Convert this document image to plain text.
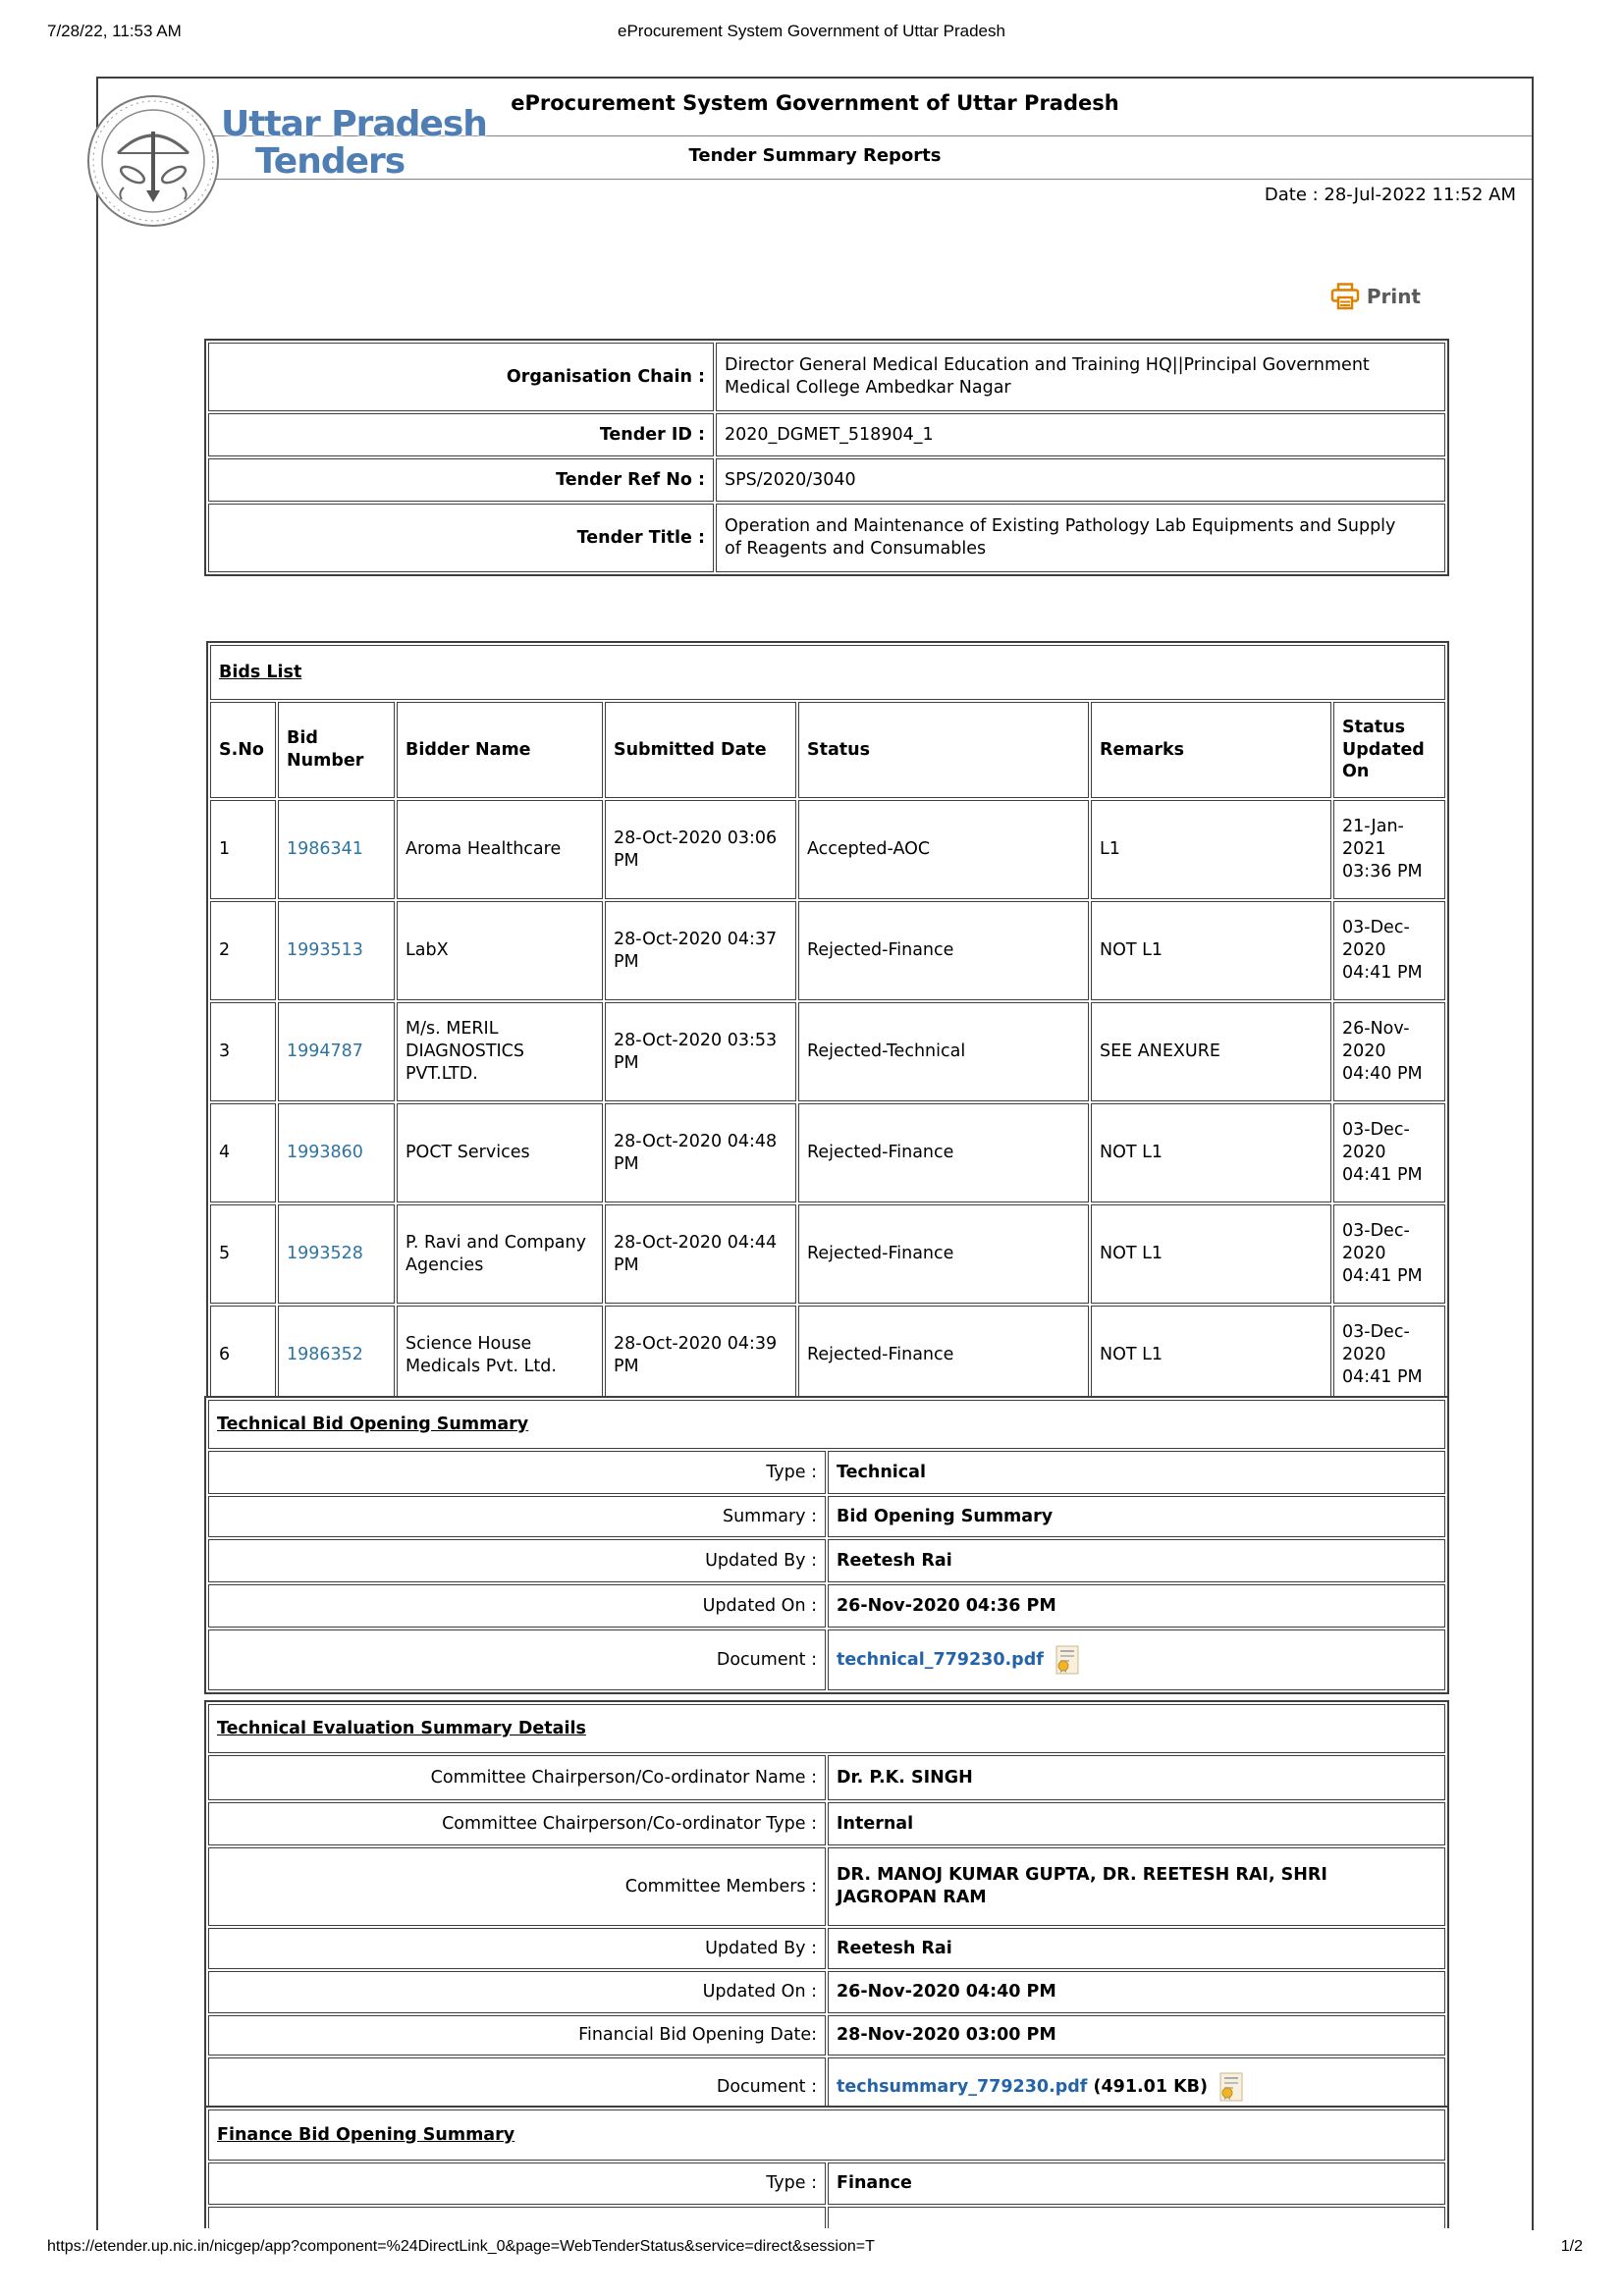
7/28/22, 11:53 AM	eProcurement System Government of Uttar Pradesh
eProcurement System Government of Uttar Pradesh
Tender Summary Reports
Date : 28-Jul-2022 11:52 AM
Uttar Pradesh
Tenders
Print
Organisation Chain :	Director General Medical Education and Training HQ||Principal Government Medical College Ambedkar Nagar
Tender ID :	2020_DGMET_518904_1
Tender Ref No :	SPS/2020/3040
Tender Title :	Operation and Maintenance of Existing Pathology Lab Equipments and Supply of Reagents and Consumables
Bids List						
S.No	Bid Number	Bidder Name	Submitted Date	Status	Remarks	Status Updated On
1	1986341	Aroma Healthcare	28-Oct-2020 03:06 PM	Accepted-AOC	L1	21-Jan-2021 03:36 PM
2	1993513	LabX	28-Oct-2020 04:37 PM	Rejected-Finance	NOT L1	03-Dec-2020 04:41 PM
3	1994787	M/s. MERIL DIAGNOSTICS PVT.LTD.	28-Oct-2020 03:53 PM	Rejected-Technical	SEE ANEXURE	26-Nov-2020 04:40 PM
4	1993860	POCT Services	28-Oct-2020 04:48 PM	Rejected-Finance	NOT L1	03-Dec-2020 04:41 PM
5	1993528	P. Ravi and Company Agencies	28-Oct-2020 04:44 PM	Rejected-Finance	NOT L1	03-Dec-2020 04:41 PM
6	1986352	Science House Medicals Pvt. Ltd.	28-Oct-2020 04:39 PM	Rejected-Finance	NOT L1	03-Dec-2020 04:41 PM
Technical Bid Opening Summary	
Type :	Technical
Summary :	Bid Opening Summary
Updated By :	Reetesh Rai
Updated On :	26-Nov-2020 04:36 PM
Document :	technical_779230.pdf
Technical Evaluation Summary Details	
Committee Chairperson/Co-ordinator Name :	Dr. P.K. SINGH
Committee Chairperson/Co-ordinator Type :	Internal
Committee Members :	DR. MANOJ KUMAR GUPTA, DR. REETESH RAI, SHRI JAGROPAN RAM
Updated By :	Reetesh Rai
Updated On :	26-Nov-2020 04:40 PM
Financial Bid Opening Date:	28-Nov-2020 03:00 PM
Document :	techsummary_779230.pdf (491.01 KB)
Finance Bid Opening Summary	
Type :	Finance

https://etender.up.nic.in/nicgep/app?component=%24DirectLink_0&page=WebTenderStatus&service=direct&session=T	1/2
